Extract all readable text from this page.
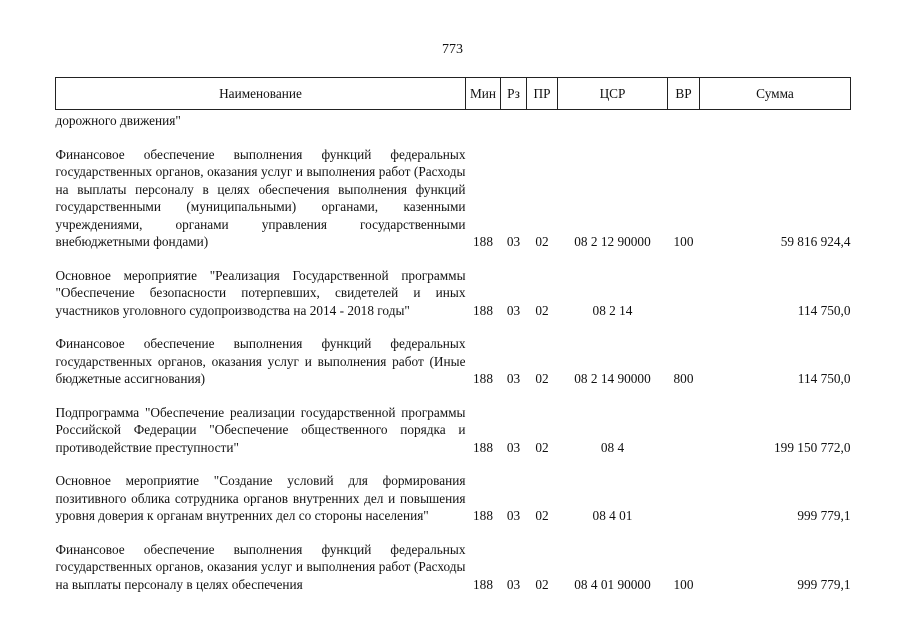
773
Наименование	Мин	Рз	ПР	ЦСР	ВР	Сумма
дорожного движения"						

Финансовое обеспечение выполнения функций федеральных государственных органов, оказания услуг и выполнения работ (Расходы на выплаты персоналу в целях обеспечения выполнения функций государственными (муниципальными) органами, казенными учреждениями, органами управления государственными внебюджетными фондами)	188	03	02	08 2 12 90000	100	59 816 924,4

Основное мероприятие "Реализация Государственной программы "Обеспечение безопасности потерпевших, свидетелей и иных участников уголовного судопроизводства на 2014 - 2018 годы"	188	03	02	08 2 14		114 750,0

Финансовое обеспечение выполнения функций федеральных государственных органов, оказания услуг и выполнения работ (Иные бюджетные ассигнования)	188	03	02	08 2 14 90000	800	114 750,0

Подпрограмма "Обеспечение реализации государственной программы Российской Федерации "Обеспечение общественного порядка и противодействие преступности"	188	03	02	08 4		199 150 772,0

Основное мероприятие "Создание условий для формирования позитивного облика сотрудника органов внутренних дел и повышения уровня доверия к органам внутренних дел со стороны населения"	188	03	02	08 4 01		999 779,1

Финансовое обеспечение выполнения функций федеральных государственных органов, оказания услуг и выполнения работ (Расходы на выплаты персоналу в целях обеспечения	188	03	02	08 4 01 90000	100	999 779,1
